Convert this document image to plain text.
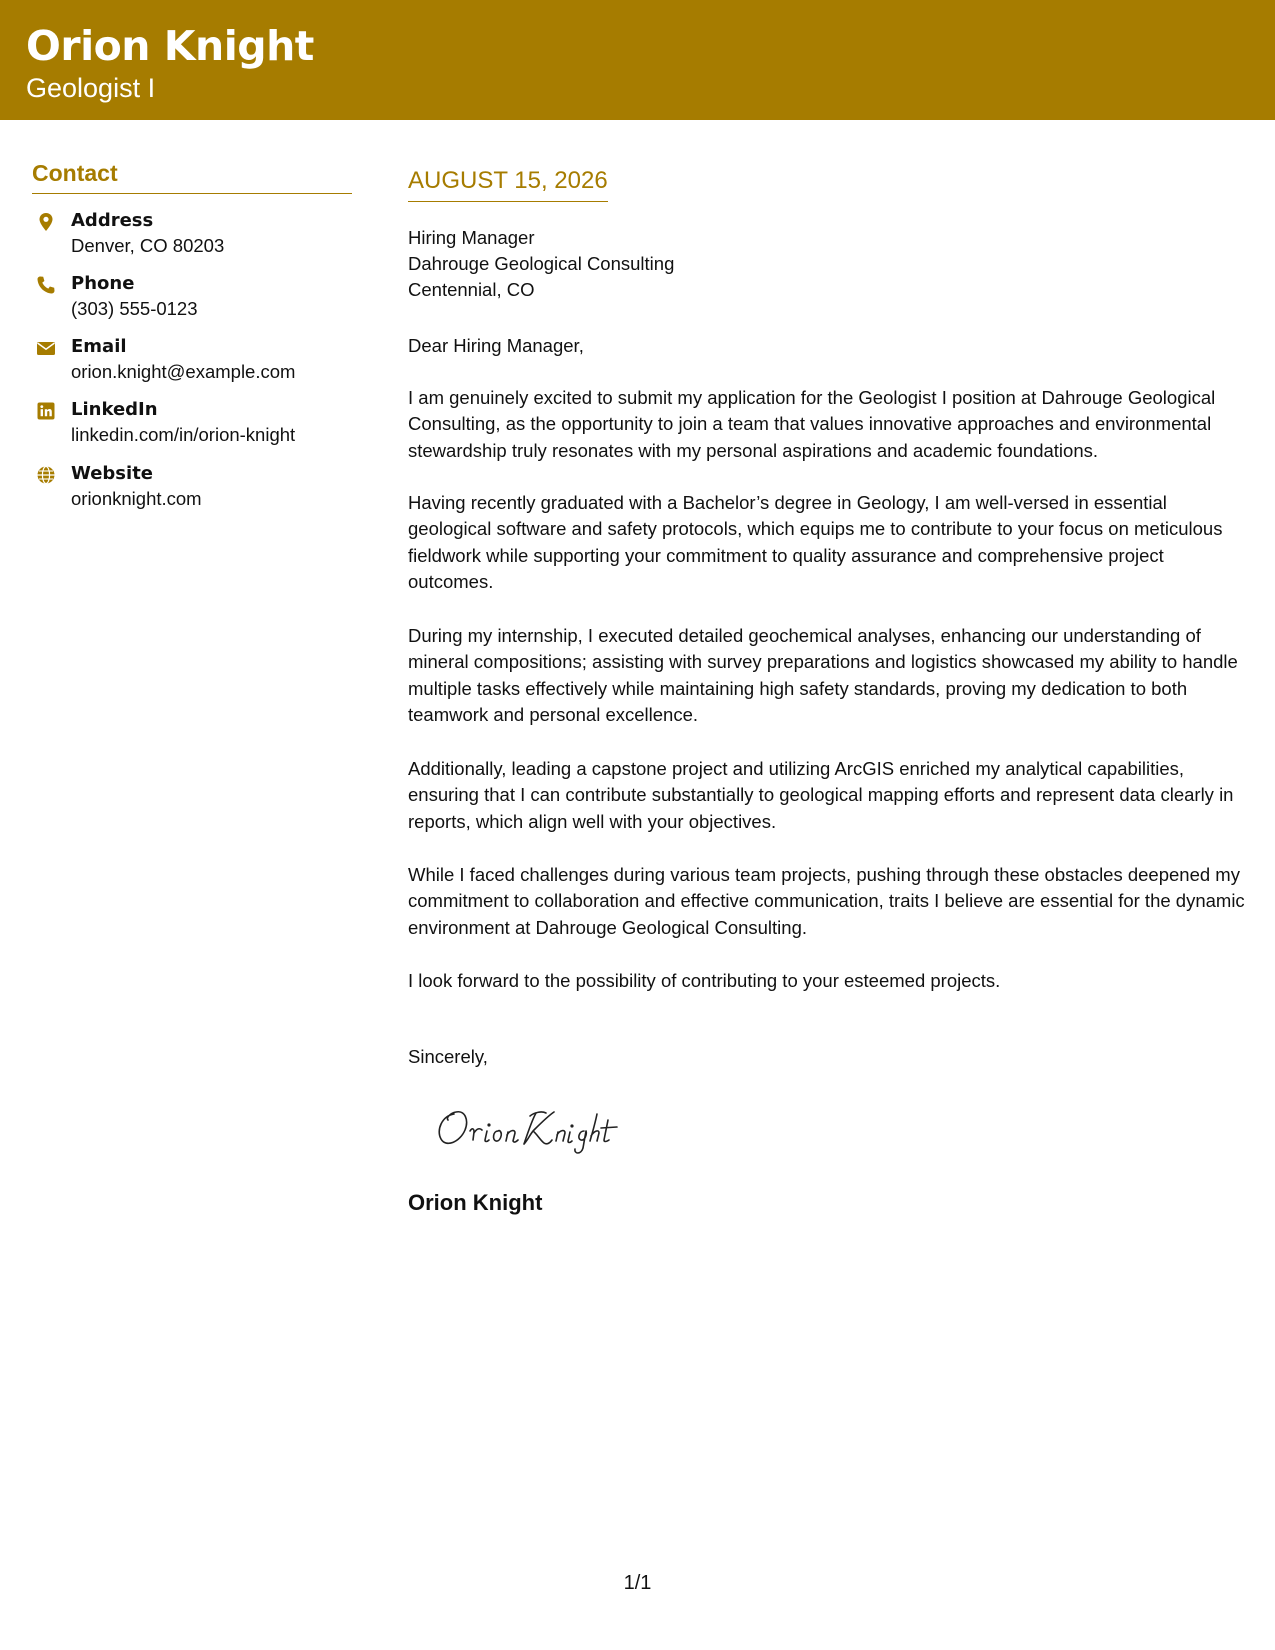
Orion Knight
Geologist I
Contact
Address
Denver, CO 80203
Phone
(303) 555-0123
Email
orion.knight@example.com
LinkedIn
linkedin.com/in/orion-knight
Website
orionknight.com
AUGUST 15, 2026
Hiring Manager
Dahrouge Geological Consulting
Centennial, CO
Dear Hiring Manager,

I am genuinely excited to submit my application for the Geologist I position at Dahrouge Geological Consulting, as the opportunity to join a team that values innovative approaches and environmental stewardship truly resonates with my personal aspirations and academic foundations.

Having recently graduated with a Bachelor’s degree in Geology, I am well-versed in essential geological software and safety protocols, which equips me to contribute to your focus on meticulous fieldwork while supporting your commitment to quality assurance and comprehensive project outcomes.

During my internship, I executed detailed geochemical analyses, enhancing our understanding of mineral compositions; assisting with survey preparations and logistics showcased my ability to handle multiple tasks effectively while maintaining high safety standards, proving my dedication to both teamwork and personal excellence.

Additionally, leading a capstone project and utilizing ArcGIS enriched my analytical capabilities, ensuring that I can contribute substantially to geological mapping efforts and represent data clearly in reports, which align well with your objectives.

While I faced challenges during various team projects, pushing through these obstacles deepened my commitment to collaboration and effective communication, traits I believe are essential for the dynamic environment at Dahrouge Geological Consulting.

I look forward to the possibility of contributing to your esteemed projects.

Sincerely,
Orion Knight
1/1
